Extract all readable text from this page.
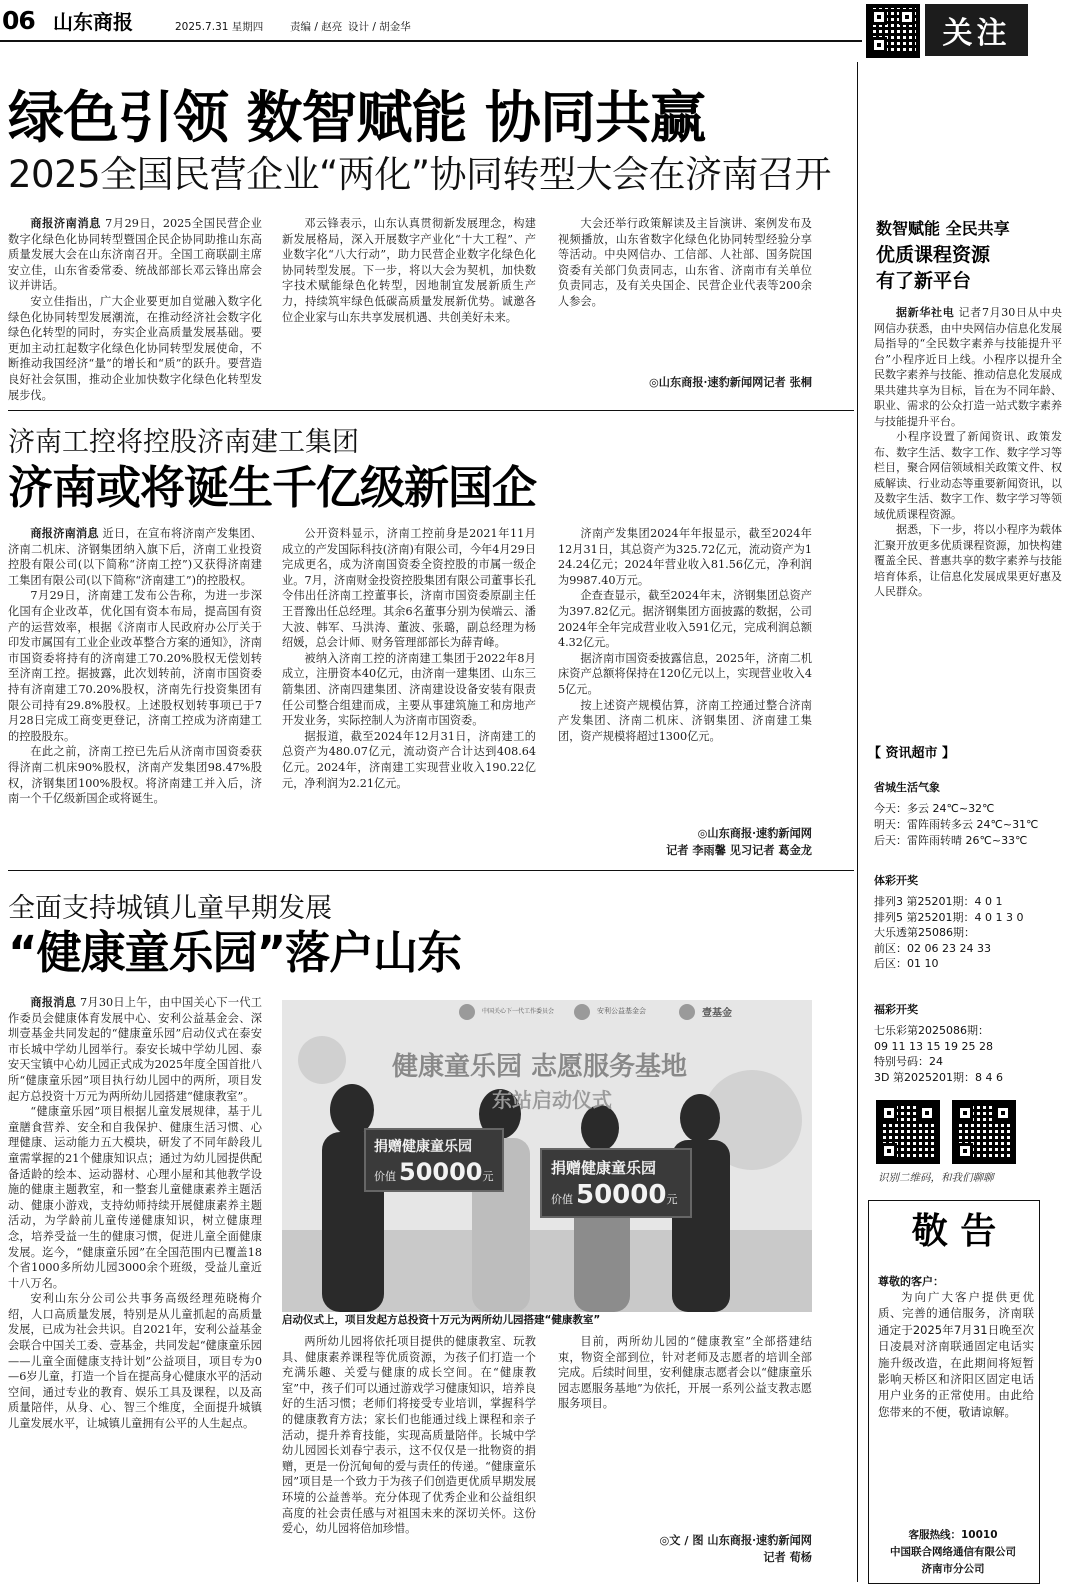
06 山东商报	2025.7.31 星期四	责编 / 赵亮 设计 / 胡金华	关注
绿色引领 数智赋能 协同共赢
2025全国民营企业“两化”协同转型大会在济南召开

商报济南消息 7月29日，2025全国民营企业数字化绿色化协同转型暨国企民企协同助推山东高质量发展大会在山东济南召开。全国工商联副主席安立佳，山东省委常委、统战部部长邓云锋出席会议并讲话。

安立佳指出，广大企业要更加自觉融入数字化绿色化协同转型发展潮流，在推动经济社会数字化绿色化转型的同时，夯实企业高质量发展基础。要更加主动扛起数字化绿色化协同转型发展使命，不断推动我国经济“量”的增长和“质”的跃升。要营造良好社会氛围，推动企业加快数字化绿色化转型发展步伐。

邓云锋表示，山东认真贯彻新发展理念，构建新发展格局，深入开展数字产业化“十大工程”、产业数字化“八大行动”，助力民营企业数字化绿色化协同转型发展。下一步，将以大会为契机，加快数字技术赋能绿色化转型，因地制宜发展新质生产力，持续筑牢绿色低碳高质量发展新优势。诚邀各位企业家与山东共享发展机遇、共创美好未来。

大会还举行政策解读及主旨演讲、案例发布及视频播放，山东省数字化绿色化协同转型经验分享等活动。中央网信办、工信部、人社部、国务院国资委有关部门负责同志，山东省、济南市有关单位负责同志，及有关央国企、民营企业代表等200余人参会。

◎山东商报·速豹新闻网记者 张桐
济南工控将控股济南建工集团
济南或将诞生千亿级新国企

商报济南消息 近日，在宣布将济南产发集团、济南二机床、济钢集团纳入旗下后，济南工业投资控股有限公司(以下简称“济南工控”)又获得济南建工集团有限公司(以下简称“济南建工”)的控股权。

7月29日，济南建工发布公告称，为进一步深化国有企业改革，优化国有资本布局，提高国有资产的运营效率，根据《济南市人民政府办公厅关于印发市属国有工业企业改革整合方案的通知》，济南市国资委将持有的济南建工70.20%股权无偿划转至济南工控。据披露，此次划转前，济南市国资委持有济南建工70.20%股权，济南先行投资集团有限公司持有29.8%股权。上述股权划转事项已于7月28日完成工商变更登记，济南工控成为济南建工的控股股东。

在此之前，济南工控已先后从济南市国资委获得济南二机床90%股权，济南产发集团98.47%股权，济钢集团100%股权。将济南建工并入后，济南一个千亿级新国企或将诞生。

公开资料显示，济南工控前身是2021年11月成立的产发国际科技(济南)有限公司，今年4月29日完成更名，成为济南国资委全资控股的市属一级企业。7月，济南财金投资控股集团有限公司董事长孔令伟出任济南工控董事长，济南市国资委原副主任王晋豫出任总经理。其余6名董事分别为侯端云、潘大波、韩军、马洪涛、董波、张璐，副总经理为杨绍媛，总会计师、财务管理部部长为薛青峰。

被纳入济南工控的济南建工集团于2022年8月成立，注册资本40亿元，由济南一建集团、山东三箭集团、济南四建集团、济南建设设备安装有限责任公司整合组建而成，主要从事建筑施工和房地产开发业务，实际控制人为济南市国资委。

据报道，截至2024年12月31日，济南建工的总资产为480.07亿元，流动资产合计达到408.64亿元。2024年，济南建工实现营业收入190.22亿元，净利润为2.21亿元。

济南产发集团2024年年报显示，截至2024年12月31日，其总资产为325.72亿元，流动资产为124.24亿元；2024年营业收入81.56亿元，净利润为9987.40万元。

企查查显示，截至2024年末，济钢集团总资产为397.82亿元。据济钢集团方面披露的数据，公司2024年全年完成营业收入591亿元，完成利润总额4.32亿元。

据济南市国资委披露信息，2025年，济南二机床资产总额将保持在120亿元以上，实现营业收入45亿元。

按上述资产规模估算，济南工控通过整合济南产发集团、济南二机床、济钢集团、济南建工集团，资产规模将超过1300亿元。

◎山东商报·速豹新闻网
记者 李雨馨 见习记者 葛金龙
全面支持城镇儿童早期发展
“健康童乐园”落户山东

商报消息 7月30日上午，由中国关心下一代工作委员会健康体育发展中心、安利公益基金会、深圳壹基金共同发起的“健康童乐园”启动仪式在泰安市长城中学幼儿园举行。泰安长城中学幼儿园、泰安天宝镇中心幼儿园正式成为2025年度全国首批八所“健康童乐园”项目执行幼儿园中的两所，项目发起方总投资十万元为两所幼儿园搭建“健康教室”。

“健康童乐园”项目根据儿童发展规律，基于儿童膳食营养、安全和自我保护、健康生活习惯、心理健康、运动能力五大模块，研发了不同年龄段儿童需掌握的21个健康知识点；通过为幼儿园提供配备适龄的绘本、运动器材、心理小屋和其他教学设施的健康主题教室，和一整套儿童健康素养主题活动、健康小游戏，支持幼师持续开展健康素养主题活动，为学龄前儿童传递健康知识，树立健康理念，培养受益一生的健康习惯，促进儿童全面健康发展。迄今，“健康童乐园”在全国范围内已覆盖18个省1000多所幼儿园3000余个班级，受益儿童近十八万名。

安利山东分公司公共事务高级经理苑晓梅介绍，人口高质量发展，特别是从儿童抓起的高质量发展，已成为社会共识。自2021年，安利公益基金会联合中国关工委、壹基金，共同发起“健康童乐园——儿童全面健康支持计划”公益项目，项目专为0—6岁儿童，打造一个旨在提高身心健康水平的活动空间，通过专业的教育、娱乐工具及课程，以及高质量陪伴，从身、心、智三个维度，全面提升城镇儿童发展水平，让城镇儿童拥有公平的人生起点。

中国关心下一代工作委员会	安利公益基金会	壹基金
健康童乐园 志愿服务基地
东站启动仪式
捐赠健康童乐园
价值 50000元	捐赠健康童乐园
价值 50000元
启动仪式上，项目发起方总投资十万元为两所幼儿园搭建“健康教室”

两所幼儿园将依托项目提供的健康教室、玩教具、健康素养课程等优质资源，为孩子们打造一个充满乐趣、关爱与健康的成长空间。在“健康教室”中，孩子们可以通过游戏学习健康知识，培养良好的生活习惯；老师们将接受专业培训，掌握科学的健康教育方法；家长们也能通过线上课程和亲子活动，提升养育技能，实现高质量陪伴。长城中学幼儿园园长刘春宁表示，这不仅仅是一批物资的捐赠，更是一份沉甸甸的爱与责任的传递。“健康童乐园”项目是一个致力于为孩子们创造更优质早期发展环境的公益善举。充分体现了优秀企业和公益组织高度的社会责任感与对祖国未来的深切关怀。这份爱心，幼儿园将倍加珍惜。

目前，两所幼儿园的“健康教室”全部搭建结束，物资全部到位，针对老师及志愿者的培训全部完成。后续时间里，安利健康志愿者会以“健康童乐园志愿服务基地”为依托，开展一系列公益支教志愿服务项目。

◎文 / 图 山东商报·速豹新闻网
记者 荀杨
数智赋能 全民共享
优质课程资源
有了新平台

据新华社电 记者7月30日从中央网信办获悉，由中央网信办信息化发展局指导的“全民数字素养与技能提升平台”小程序近日上线。小程序以提升全民数字素养与技能、推动信息化发展成果共建共享为目标，旨在为不同年龄、职业、需求的公众打造一站式数字素养与技能提升平台。

小程序设置了新闻资讯、政策发布、数字生活、数字工作、数字学习等栏目，聚合网信领域相关政策文件、权威解读、行业动态等重要新闻资讯，以及数字生活、数字工作、数字学习等领域优质课程资源。

据悉，下一步，将以小程序为载体汇聚开放更多优质课程资源，加快构建覆盖全民、普惠共享的数字素养与技能培育体系，让信息化发展成果更好惠及人民群众。

【 资讯超市 】
省城生活气象
今天：多云 24℃~32℃
明天：雷阵雨转多云 24℃~31℃
后天：雷阵雨转晴 26℃~33℃
体彩开奖
排列3 第25201期：4 0 1
排列5 第25201期：4 0 1 3 0
大乐透第25086期：
前区：02 06 23 24 33
后区：01 10
福彩开奖
七乐彩第2025086期：
09 11 13 15 19 25 28
特别号码：24
3D 第2025201期：8 4 6
识别二维码，和我们聊聊
敬 告
尊敬的客户：

为向广大客户提供更优质、完善的通信服务，济南联通定于2025年7月31日晚至次日凌晨对济南联通固定电话实施升级改造，在此期间将短暂影响天桥区和济阳区固定电话用户业务的正常使用。由此给您带来的不便，敬请谅解。

客服热线：10010
中国联合网络通信有限公司
济南市分公司
